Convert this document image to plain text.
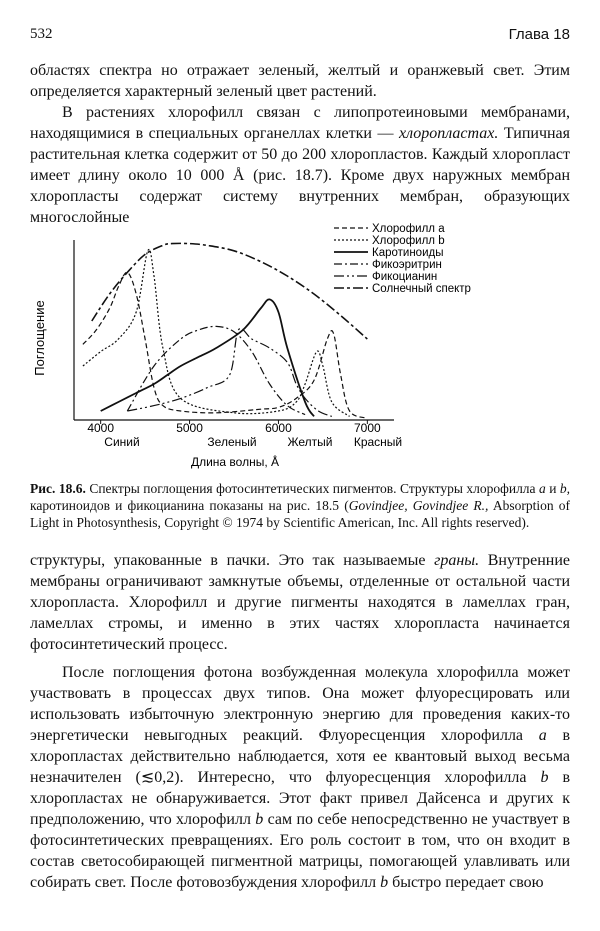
532	Глава 18

областях спектра но отражает зеленый, желтый и оранжевый свет. Этим определяется характерный зеленый цвет растений.

В растениях хлорофилл связан с липопротеиновыми мембранами, находящимися в специальных органеллах клетки — хлоропластах. Типичная растительная клетка содержит от 50 до 200 хлоропластов. Каждый хлоропласт имеет длину около 10 000 Å (рис. 18.7). Кроме двух наружных мембран хлоропласты содержат систему внутренних мембран, образующих многослойные

Поглощение
4000	5000	6000	7000
Синий	Зеленый	Желтый Красный
Длина волны, Å
Хлорофилл a
Хлорофилл b
Каротиноиды
Фикоэритрин
Фикоцианин
Солнечный спектр

Рис. 18.6. Спектры поглощения фотосинтетических пигментов. Структуры хлорофилла a и b, каротиноидов и фикоцианина показаны на рис. 18.5 (Govindjee, Govindjee R., Absorption of Light in Photosynthesis, Copyright © 1974 by Scientific American, Inc. All rights reserved).

структуры, упакованные в пачки. Это так называемые граны. Внутренние мембраны ограничивают замкнутые объемы, отделенные от остальной части хлоропласта. Хлорофилл и другие пигменты находятся в ламеллах гран, ламеллах стромы, и именно в этих частях хлоропласта начинается фотосинтетический процесс.

После поглощения фотона возбужденная молекула хлорофилла может участвовать в процессах двух типов. Она может флуоресцировать или использовать избыточную электронную энергию для проведения каких-то энергетически невыгодных реакций. Флуоресценция хлорофилла a в хлоропластах действительно наблюдается, хотя ее квантовый выход весьма незначителен (≲0,2). Интересно, что флуоресценция хлорофилла b в хлоропластах не обнаруживается. Этот факт привел Дайсенса и других к предположению, что хлорофилл b сам по себе непосредственно не участвует в фотосинтетических превращениях. Его роль состоит в том, что он входит в состав светособирающей пигментной матрицы, помогающей улавливать или собирать свет. После фотовозбуждения хлорофилл b быстро передает свою
